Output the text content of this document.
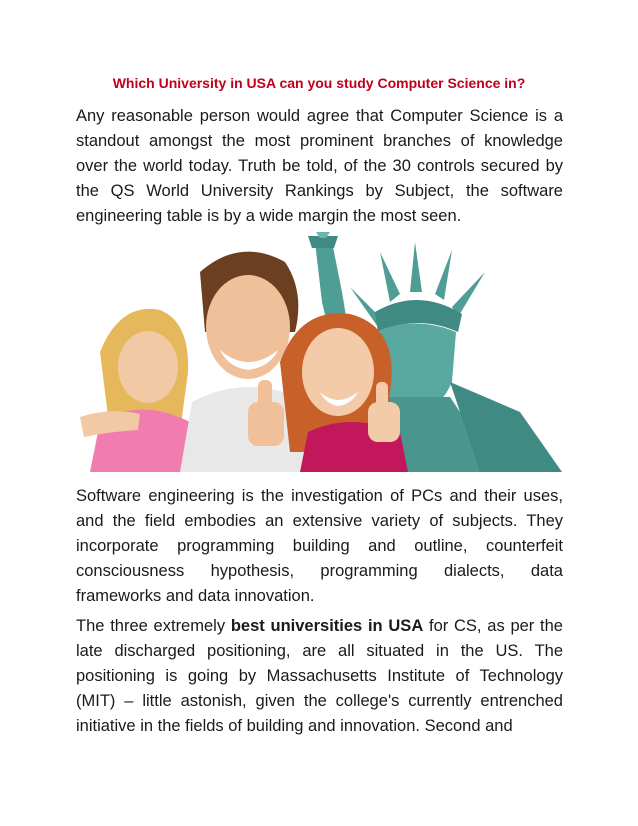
Which University in USA can you study Computer Science in?

Any reasonable person would agree that Computer Science is a standout amongst the most prominent branches of knowledge over the world today. Truth be told, of the 30 controls secured by the QS World University Rankings by Subject, the software engineering table is by a wide margin the most seen.

Software engineering is the investigation of PCs and their uses, and the field embodies an extensive variety of subjects. They incorporate programming building and outline, counterfeit consciousness hypothesis, programming dialects, data frameworks and data innovation.

The three extremely best universities in USA for CS, as per the late discharged positioning, are all situated in the US. The positioning is going by Massachusetts Institute of Technology (MIT) – little astonish, given the college's currently entrenched initiative in the fields of building and innovation. Second and
